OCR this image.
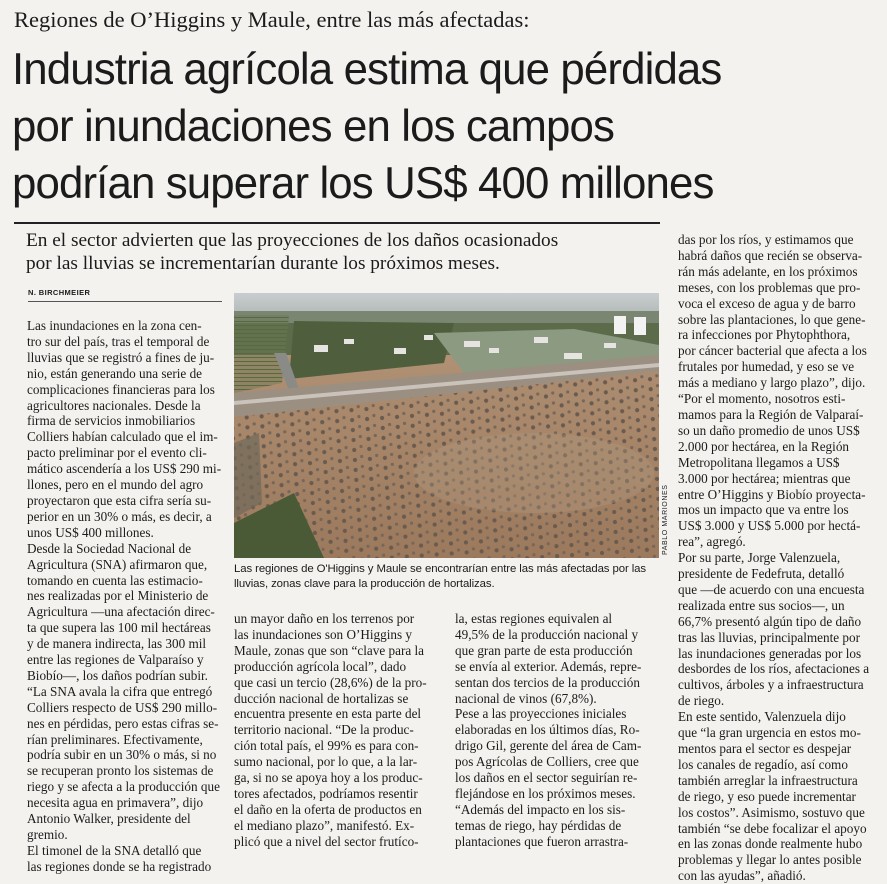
Regiones de O’Higgins y Maule, entre las más afectadas:
Industria agrícola estima que pérdidas
por inundaciones en los campos
podrían superar los US$ 400 millones
En el sector advierten que las proyecciones de los daños ocasionados
por las lluvias se incrementarían durante los próximos meses.
N. BIRCHMEIER
Las inundaciones en la zona cen-
tro sur del país, tras el temporal de
lluvias que se registró a fines de ju-
nio, están generando una serie de
complicaciones financieras para los
agricultores nacionales. Desde la
firma de servicios inmobiliarios
Colliers habían calculado que el im-
pacto preliminar por el evento cli-
mático ascendería a los US$ 290 mi-
llones, pero en el mundo del agro
proyectaron que esta cifra sería su-
perior en un 30% o más, es decir, a
unos US$ 400 millones.
Desde la Sociedad Nacional de
Agricultura (SNA) afirmaron que,
tomando en cuenta las estimacio-
nes realizadas por el Ministerio de
Agricultura —una afectación direc-
ta que supera las 100 mil hectáreas
y de manera indirecta, las 300 mil
entre las regiones de Valparaíso y
Biobío—, los daños podrían subir.
“La SNA avala la cifra que entregó
Colliers respecto de US$ 290 millo-
nes en pérdidas, pero estas cifras se-
rían preliminares. Efectivamente,
podría subir en un 30% o más, si no
se recuperan pronto los sistemas de
riego y se afecta a la producción que
necesita agua en primavera”, dijo
Antonio Walker, presidente del
gremio.
El timonel de la SNA detalló que
las regiones donde se ha registrado
un mayor daño en los terrenos por
las inundaciones son O’Higgins y
Maule, zonas que son “clave para la
producción agrícola local”, dado
que casi un tercio (28,6%) de la pro-
ducción nacional de hortalizas se
encuentra presente en esta parte del
territorio nacional. “De la produc-
ción total país, el 99% es para con-
sumo nacional, por lo que, a la lar-
ga, si no se apoya hoy a los produc-
tores afectados, podríamos resentir
el daño en la oferta de productos en
el mediano plazo”, manifestó. Ex-
plicó que a nivel del sector frutíco-
la, estas regiones equivalen al
49,5% de la producción nacional y
que gran parte de esta producción
se envía al exterior. Además, repre-
sentan dos tercios de la producción
nacional de vinos (67,8%).
Pese a las proyecciones iniciales
elaboradas en los últimos días, Ro-
drigo Gil, gerente del área de Cam-
pos Agrícolas de Colliers, cree que
los daños en el sector seguirían re-
flejándose en los próximos meses.
“Además del impacto en los sis-
temas de riego, hay pérdidas de
plantaciones que fueron arrastra-
das por los ríos, y estimamos que
habrá daños que recién se observa-
rán más adelante, en los próximos
meses, con los problemas que pro-
voca el exceso de agua y de barro
sobre las plantaciones, lo que gene-
ra infecciones por Phytophthora,
por cáncer bacterial que afecta a los
frutales por humedad, y eso se ve
más a mediano y largo plazo”, dijo.
“Por el momento, nosotros esti-
mamos para la Región de Valparaí-
so un daño promedio de unos US$
2.000 por hectárea, en la Región
Metropolitana llegamos a US$
3.000 por hectárea; mientras que
entre O’Higgins y Biobío proyecta-
mos un impacto que va entre los
US$ 3.000 y US$ 5.000 por hectá-
rea”, agregó.
Por su parte, Jorge Valenzuela,
presidente de Fedefruta, detalló
que —de acuerdo con una encuesta
realizada entre sus socios—, un
66,7% presentó algún tipo de daño
tras las lluvias, principalmente por
las inundaciones generadas por los
desbordes de los ríos, afectaciones a
cultivos, árboles y a infraestructura
de riego.
En este sentido, Valenzuela dijo
que “la gran urgencia en estos mo-
mentos para el sector es despejar
los canales de regadío, así como
también arreglar la infraestructura
de riego, y eso puede incrementar
los costos”. Asimismo, sostuvo que
también “se debe focalizar el apoyo
en las zonas donde realmente hubo
problemas y llegar lo antes posible
con las ayudas”, añadió.
PABLO MARIONES
Las regiones de O'Higgins y Maule se encontrarían entre las más afectadas por las
lluvias, zonas clave para la producción de hortalizas.
